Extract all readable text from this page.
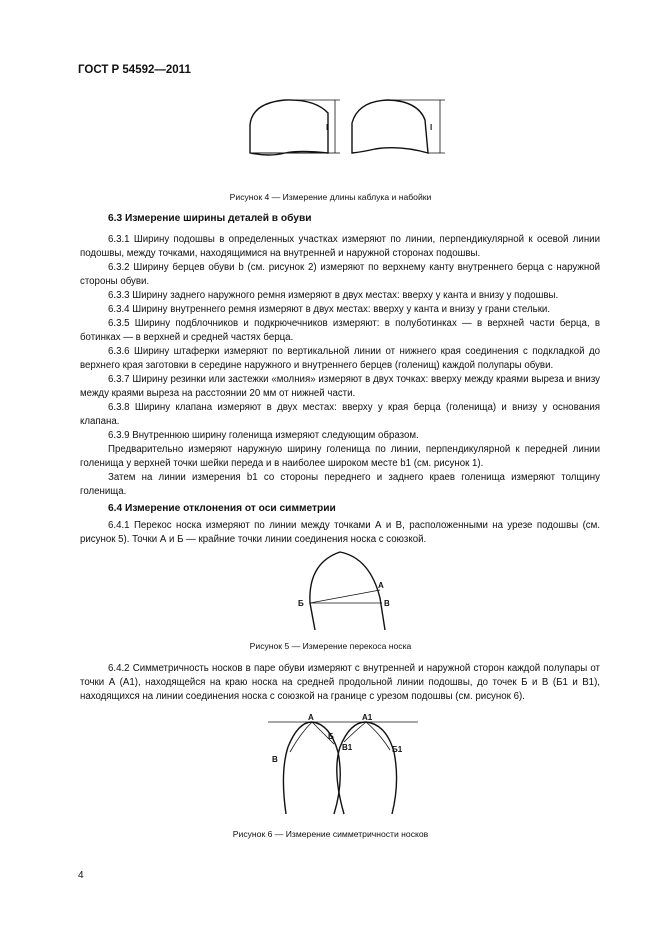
ГОСТ Р 54592—2011
l	l
Рисунок 4 — Измерение длины каблука и набойки
6.3 Измерение ширины деталей в обуви

6.3.1 Ширину подошвы в определенных участках измеряют по линии, перпендикулярной к осевой линии подошвы, между точками, находящимися на внутренней и наружной сторонах подошвы.

6.3.2 Ширину берцев обуви b (см. рисунок 2) измеряют по верхнему канту внутреннего берца с наружной стороны обуви.

6.3.3 Ширину заднего наружного ремня измеряют в двух местах: вверху у канта и внизу у подошвы.

6.3.4 Ширину внутреннего ремня измеряют в двух местах: вверху у канта и внизу у грани стельки.

6.3.5 Ширину подблочников и подкрючечников измеряют: в полуботинках — в верхней части берца, в ботинках — в верхней и средней частях берца.

6.3.6 Ширину штаферки измеряют по вертикальной линии от нижнего края соединения с подкладкой до верхнего края заготовки в середине наружного и внутреннего берцев (голенищ) каждой полупары обуви.

6.3.7 Ширину резинки или застежки «молния» измеряют в двух точках: вверху между краями выреза и внизу между краями выреза на расстоянии 20 мм от нижней части.

6.3.8 Ширину клапана измеряют в двух местах: вверху у края берца (голенища) и внизу у основания клапана.

6.3.9 Внутреннюю ширину голенища измеряют следующим образом.

Предварительно измеряют наружную ширину голенища по линии, перпендикулярной к передней линии голенища у верхней точки шейки переда и в наиболее широком месте b1 (см. рисунок 1).

Затем на линии измерения b1 со стороны переднего и заднего краев голенища измеряют толщину голенища.

6.4 Измерение отклонения от оси симметрии

6.4.1 Перекос носка измеряют по линии между точками А и В, расположенными на урезе подошвы (см. рисунок 5). Точки А и Б — крайние точки линии соединения носка с союзкой.

А
Б	В
Рисунок 5 — Измерение перекоса носка

6.4.2 Симметричность носков в паре обуви измеряют с внутренней и наружной сторон каждой полупары от точки А (А1), находящейся на краю носка на средней продольной линии подошвы, до точек Б и В (Б1 и В1), находящихся на линии соединения носка с союзкой на границе с урезом подошвы (см. рисунок 6).

А
Б
В
А1
Б1
В1
Рисунок 6 — Измерение симметричности носков
4
